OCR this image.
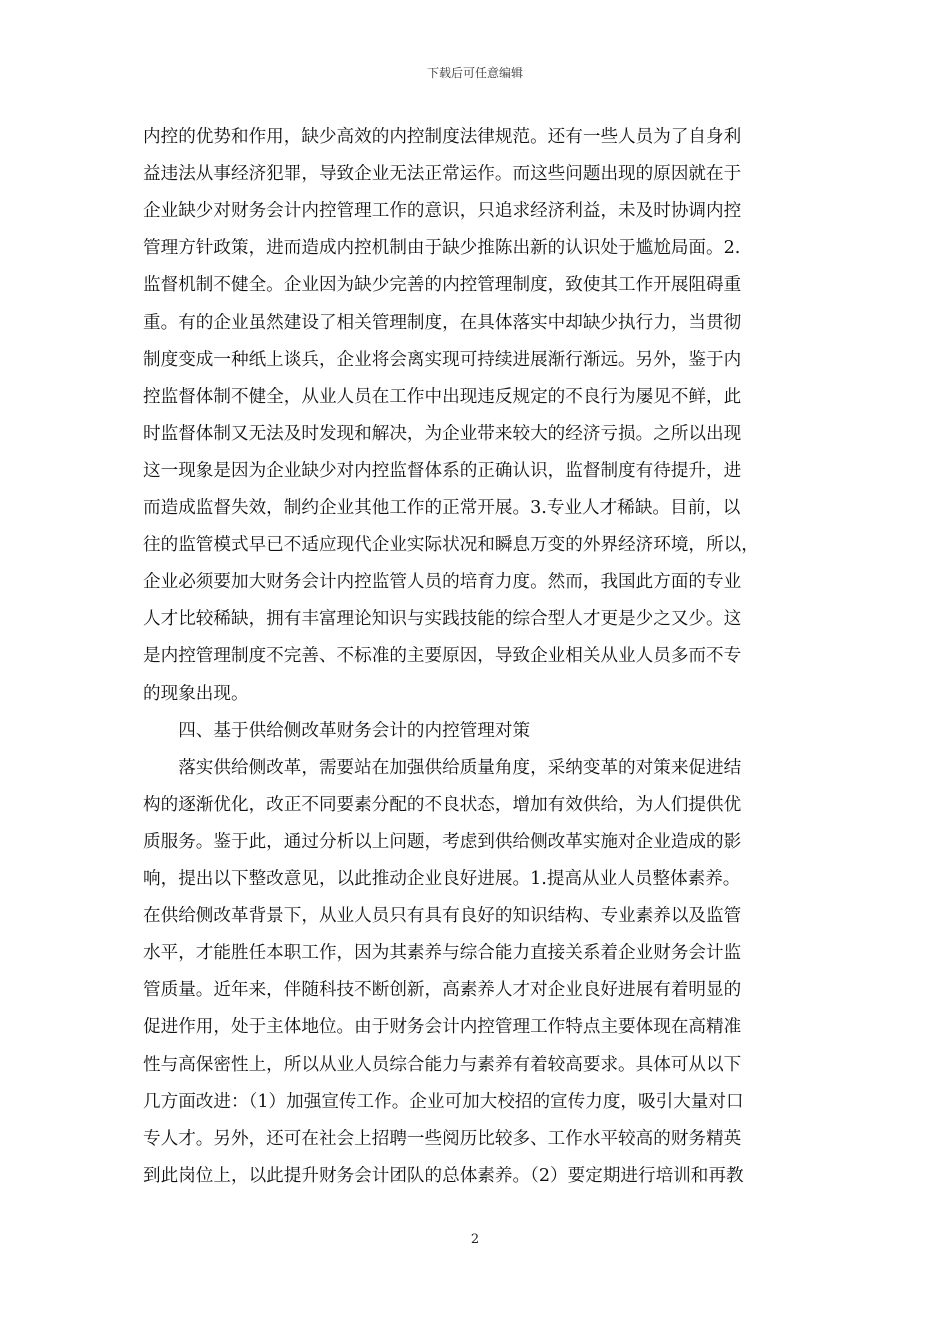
下载后可任意编辑
内控的优势和作用，缺少高效的内控制度法律规范。还有一些人员为了自身利
益违法从事经济犯罪，导致企业无法正常运作。而这些问题出现的原因就在于
企业缺少对财务会计内控管理工作的意识，只追求经济利益，未及时协调内控
管理方针政策，进而造成内控机制由于缺少推陈出新的认识处于尴尬局面。2.
监督机制不健全。企业因为缺少完善的内控管理制度，致使其工作开展阻碍重
重。有的企业虽然建设了相关管理制度，在具体落实中却缺少执行力，当贯彻
制度变成一种纸上谈兵，企业将会离实现可持续进展渐行渐远。另外，鉴于内
控监督体制不健全，从业人员在工作中出现违反规定的不良行为屡见不鲜，此
时监督体制又无法及时发现和解决，为企业带来较大的经济亏损。之所以出现
这一现象是因为企业缺少对内控监督体系的正确认识，监督制度有待提升，进
而造成监督失效，制约企业其他工作的正常开展。3.专业人才稀缺。目前，以
往的监管模式早已不适应现代企业实际状况和瞬息万变的外界经济环境，所以，
企业必须要加大财务会计内控监管人员的培育力度。然而，我国此方面的专业
人才比较稀缺，拥有丰富理论知识与实践技能的综合型人才更是少之又少。这
是内控管理制度不完善、不标准的主要原因，导致企业相关从业人员多而不专
的现象出现。
　　四、基于供给侧改革财务会计的内控管理对策
　　落实供给侧改革，需要站在加强供给质量角度，采纳变革的对策来促进结
构的逐渐优化，改正不同要素分配的不良状态，增加有效供给，为人们提供优
质服务。鉴于此，通过分析以上问题，考虑到供给侧改革实施对企业造成的影
响，提出以下整改意见，以此推动企业良好进展。1.提高从业人员整体素养。
在供给侧改革背景下，从业人员只有具有良好的知识结构、专业素养以及监管
水平，才能胜任本职工作，因为其素养与综合能力直接关系着企业财务会计监
管质量。近年来，伴随科技不断创新，高素养人才对企业良好进展有着明显的
促进作用，处于主体地位。由于财务会计内控管理工作特点主要体现在高精准
性与高保密性上，所以从业人员综合能力与素养有着较高要求。具体可从以下
几方面改进：（1）加强宣传工作。企业可加大校招的宣传力度，吸引大量对口
专人才。另外，还可在社会上招聘一些阅历比较多、工作水平较高的财务精英
到此岗位上，以此提升财务会计团队的总体素养。（2）要定期进行培训和再教
2
